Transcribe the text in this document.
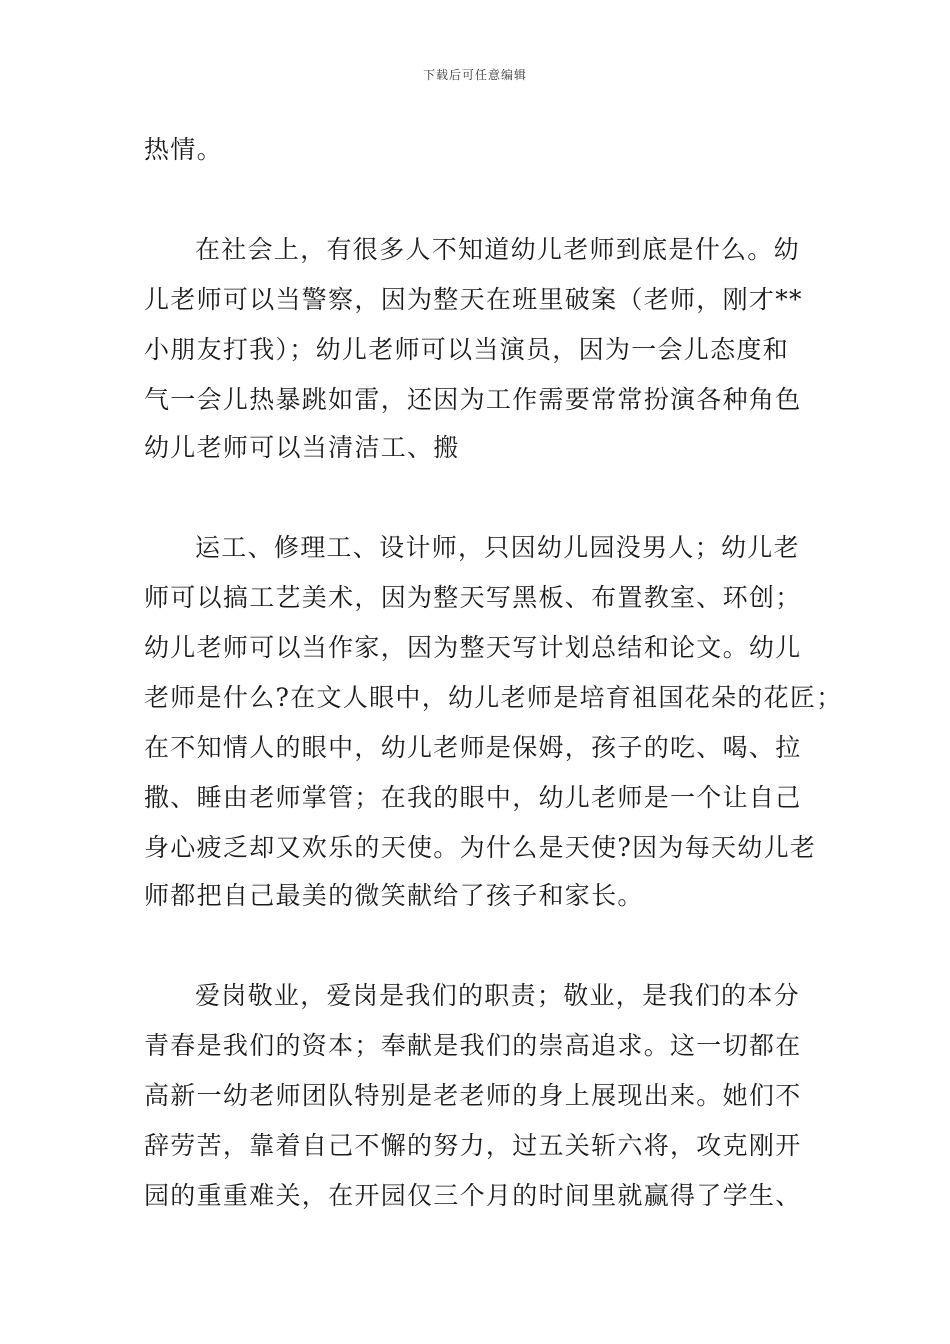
下载后可任意编辑
热情。
在社会上，有很多人不知道幼儿老师到底是什么。幼
儿老师可以当警察，因为整天在班里破案（老师，刚才**
小朋友打我）；幼儿老师可以当演员，因为一会儿态度和
气一会儿热暴跳如雷，还因为工作需要常常扮演各种角色
幼儿老师可以当清洁工、搬
运工、修理工、设计师，只因幼儿园没男人；幼儿老
师可以搞工艺美术，因为整天写黑板、布置教室、环创；
幼儿老师可以当作家，因为整天写计划总结和论文。幼儿
老师是什么?在文人眼中，幼儿老师是培育祖国花朵的花匠；
在不知情人的眼中，幼儿老师是保姆，孩子的吃、喝、拉
撒、睡由老师掌管；在我的眼中，幼儿老师是一个让自己
身心疲乏却又欢乐的天使。为什么是天使?因为每天幼儿老
师都把自己最美的微笑献给了孩子和家长。
爱岗敬业，爱岗是我们的职责；敬业，是我们的本分
青春是我们的资本；奉献是我们的崇高追求。这一切都在
高新一幼老师团队特别是老老师的身上展现出来。她们不
辞劳苦，靠着自己不懈的努力，过五关斩六将，攻克刚开
园的重重难关，在开园仅三个月的时间里就赢得了学生、
